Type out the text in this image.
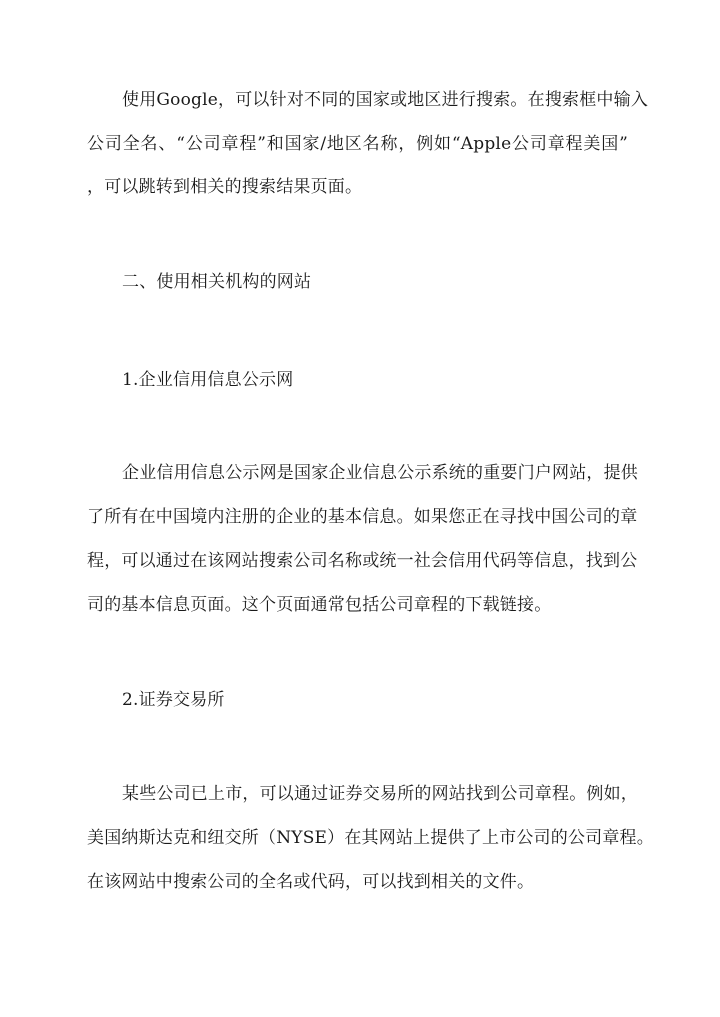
使用Google，可以针对不同的国家或地区进行搜索。在搜索框中输入
公司全名、“公司章程”和国家/地区名称，例如“Apple公司章程美国”
，可以跳转到相关的搜索结果页面。
二、使用相关机构的网站
1.企业信用信息公示网
企业信用信息公示网是国家企业信息公示系统的重要门户网站，提供
了所有在中国境内注册的企业的基本信息。如果您正在寻找中国公司的章
程，可以通过在该网站搜索公司名称或统一社会信用代码等信息，找到公
司的基本信息页面。这个页面通常包括公司章程的下载链接。
2.证券交易所
某些公司已上市，可以通过证券交易所的网站找到公司章程。例如，
美国纳斯达克和纽交所（NYSE）在其网站上提供了上市公司的公司章程。
在该网站中搜索公司的全名或代码，可以找到相关的文件。
